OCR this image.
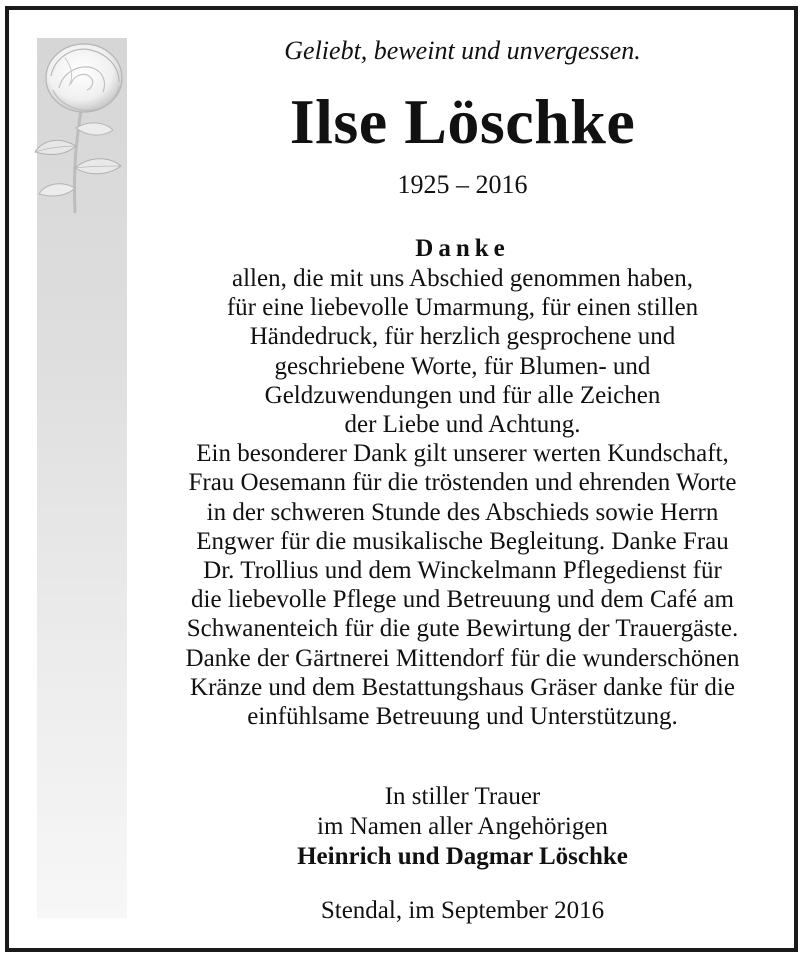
Geliebt, beweint und unvergessen.
Ilse Löschke
1925 – 2016
Danke
allen, die mit uns Abschied genommen haben,
für eine liebevolle Umarmung, für einen stillen
Händedruck, für herzlich gesprochene und
geschriebene Worte, für Blumen- und
Geldzuwendungen und für alle Zeichen
der Liebe und Achtung.
Ein besonderer Dank gilt unserer werten Kundschaft,
Frau Oesemann für die tröstenden und ehrenden Worte
in der schweren Stunde des Abschieds sowie Herrn
Engwer für die musikalische Begleitung. Danke Frau
Dr. Trollius und dem Winckelmann Pflegedienst für
die liebevolle Pflege und Betreuung und dem Café am
Schwanenteich für die gute Bewirtung der Trauergäste.
Danke der Gärtnerei Mittendorf für die wunderschönen
Kränze und dem Bestattungshaus Gräser danke für die
einfühlsame Betreuung und Unterstützung.
In stiller Trauer
im Namen aller Angehörigen
Heinrich und Dagmar Löschke
Stendal, im September 2016
